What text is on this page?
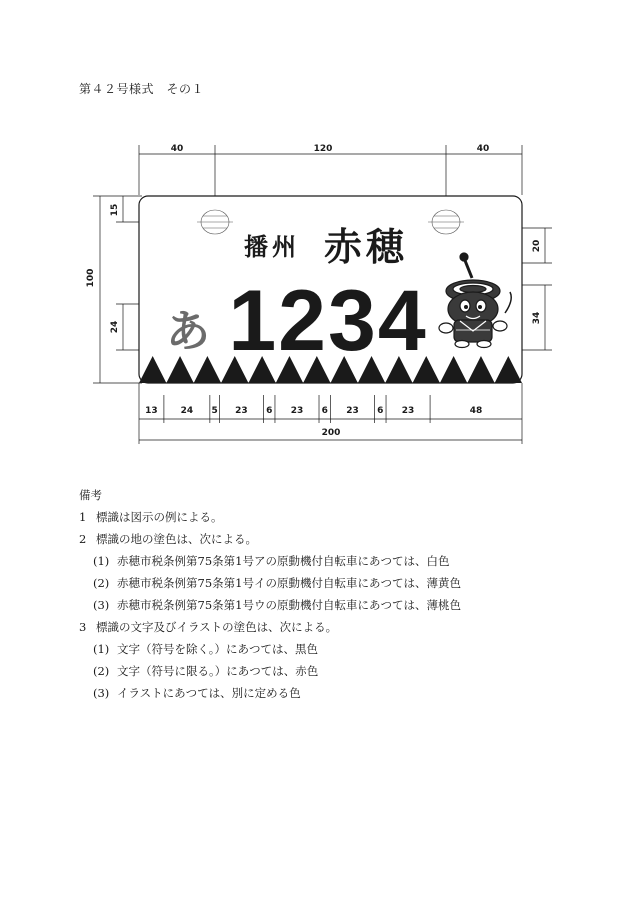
第４２号様式　その１
40	120	40
100
15
24
20
34
播州 赤穂
あ 1234
13	24 5 23 6 23 6 23 6 23	48
200
備考
1 標識は図示の例による。
2 標識の地の塗色は、次による。
(1) 赤穂市税条例第75条第1号アの原動機付自転車にあつては、白色
(2) 赤穂市税条例第75条第1号イの原動機付自転車にあつては、薄黄色
(3) 赤穂市税条例第75条第1号ウの原動機付自転車にあつては、薄桃色
3 標識の文字及びイラストの塗色は、次による。
(1) 文字（符号を除く。）にあつては、黒色
(2) 文字（符号に限る。）にあつては、赤色
(3) イラストにあつては、別に定める色
